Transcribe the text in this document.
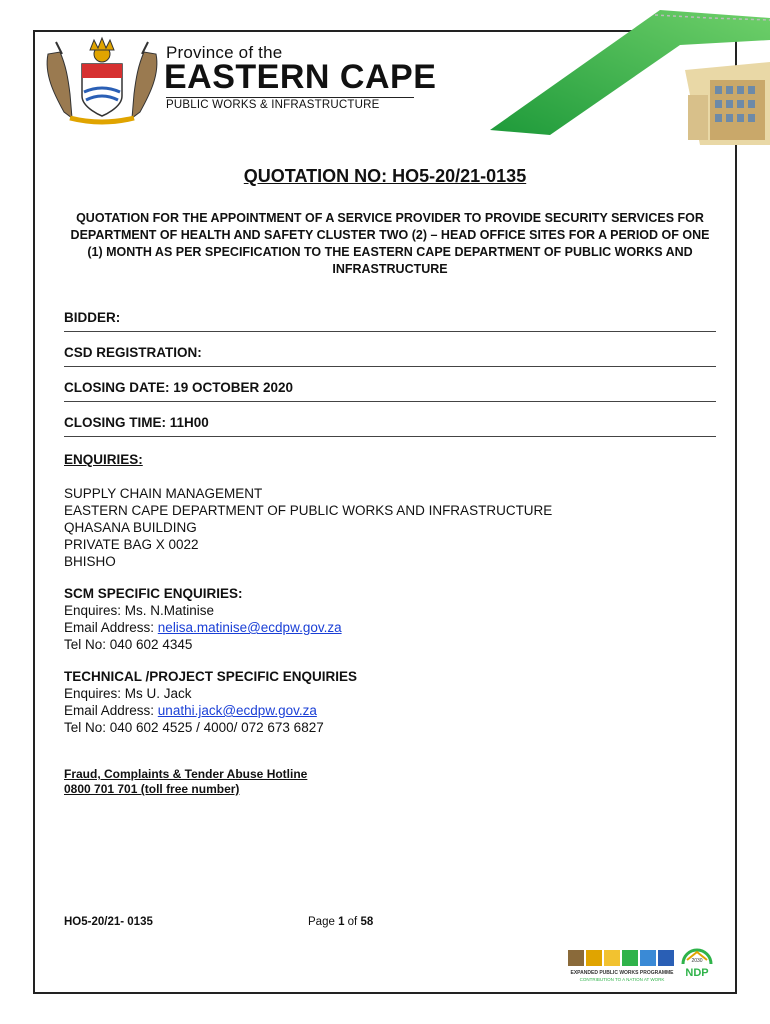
Province of the
EASTERN CAPE
PUBLIC WORKS & INFRASTRUCTURE
QUOTATION NO: HO5-20/21-0135
QUOTATION FOR THE APPOINTMENT OF A SERVICE PROVIDER TO PROVIDE SECURITY SERVICES FOR DEPARTMENT OF HEALTH AND SAFETY CLUSTER TWO (2) – HEAD OFFICE SITES FOR A PERIOD OF ONE (1) MONTH AS PER SPECIFICATION TO THE EASTERN CAPE DEPARTMENT OF PUBLIC WORKS AND INFRASTRUCTURE
BIDDER:
CSD REGISTRATION:
CLOSING DATE: 19 OCTOBER 2020
CLOSING TIME: 11H00
ENQUIRIES:
SUPPLY CHAIN MANAGEMENT
EASTERN CAPE DEPARTMENT OF PUBLIC WORKS AND INFRASTRUCTURE
QHASANA BUILDING
PRIVATE BAG X 0022
BHISHO
SCM SPECIFIC ENQUIRIES:
Enquires: Ms. N.Matinise
Email Address: nelisa.matinise@ecdpw.gov.za
Tel No: 040 602 4345
TECHNICAL /PROJECT SPECIFIC ENQUIRIES
Enquires: Ms U. Jack
Email Address: unathi.jack@ecdpw.gov.za
Tel No: 040 602 4525 / 4000/ 072 673 6827
Fraud, Complaints & Tender Abuse Hotline
0800 701 701 (toll free number)
HO5-20/21- 0135	Page 1 of 58
EXPANDED PUBLIC WORKS PROGRAMME
CONTRIBUTION TO A NATION AT WORK
2030
NDP
